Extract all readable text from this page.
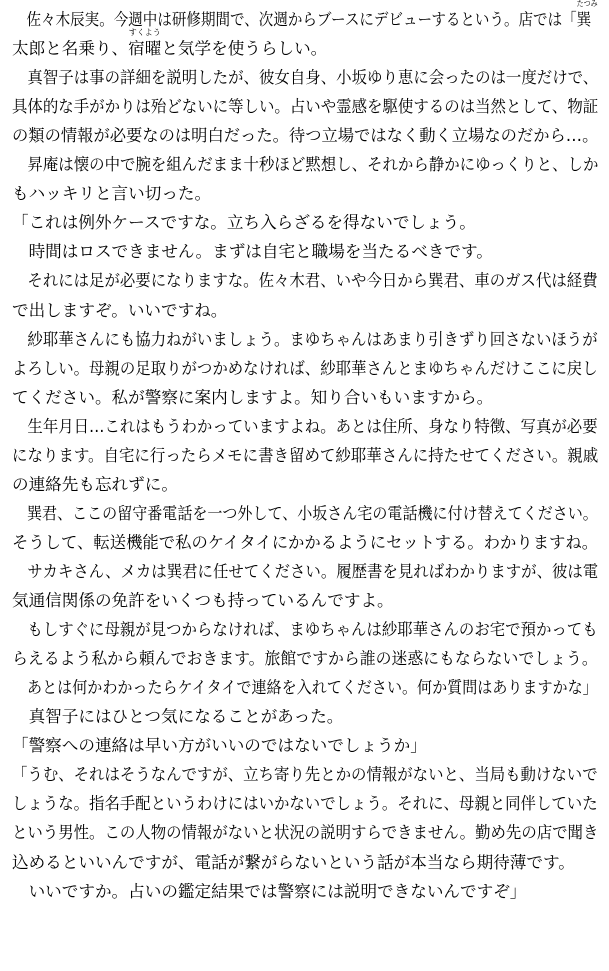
　佐々木辰実。今週中は研修期間で、次週からブースにデビューするという。店では「
たつみ
巽
太郎と名乗り、
すくよう
宿曜と気学を使うらしい。
　真智子は事の詳細を説明したが、彼女自身、小坂ゆり恵に会ったのは一度だけで、
具体的な手がかりは殆どないに等しい。占いや霊感を駆使するのは当然として、物証
の類の情報が必要なのは明白だった。待つ立場ではなく動く立場なのだから…。
　昇庵は懐の中で腕を組んだまま十秒ほど黙想し、それから静かにゆっくりと、しか
もハッキリと言い切った。
「これは例外ケースですな。立ち入らざるを得ないでしょう。
　時間はロスできません。まずは自宅と職場を当たるべきです。
　それには足が必要になりますな。佐々木君、いや今日から巽君、車のガス代は経費
で出しますぞ。いいですね。
　紗耶華さんにも協力ねがいましょう。まゆちゃんはあまり引きずり回さないほうが
よろしい。母親の足取りがつかめなければ、紗耶華さんとまゆちゃんだけここに戻し
てください。私が警察に案内しますよ。知り合いもいますから。
　生年月日…これはもうわかっていますよね。あとは住所、身なり特徴、写真が必要
になります。自宅に行ったらメモに書き留めて紗耶華さんに持たせてください。親戚
の連絡先も忘れずに。
　巽君、ここの留守番電話を一つ外して、小坂さん宅の電話機に付け替えてください。
そうして、転送機能で私のケイタイにかかるようにセットする。わかりますね。
　サカキさん、メカは巽君に任せてください。履歴書を見ればわかりますが、彼は電
気通信関係の免許をいくつも持っているんですよ。
　もしすぐに母親が見つからなければ、まゆちゃんは紗耶華さんのお宅で預かっても
らえるよう私から頼んでおきます。旅館ですから誰の迷惑にもならないでしょう。
　あとは何かわかったらケイタイで連絡を入れてください。何か質問はありますかな」
　真智子にはひとつ気になることがあった。
「警察への連絡は早い方がいいのではないでしょうか」
「うむ、それはそうなんですが、立ち寄り先とかの情報がないと、当局も動けないで
しょうな。指名手配というわけにはいかないでしょう。それに、母親と同伴していた
という男性。この人物の情報がないと状況の説明すらできません。勤め先の店で聞き
込めるといいんですが、電話が繋がらないという話が本当なら期待薄です。
　いいですか。占いの鑑定結果では警察には説明できないんですぞ」
